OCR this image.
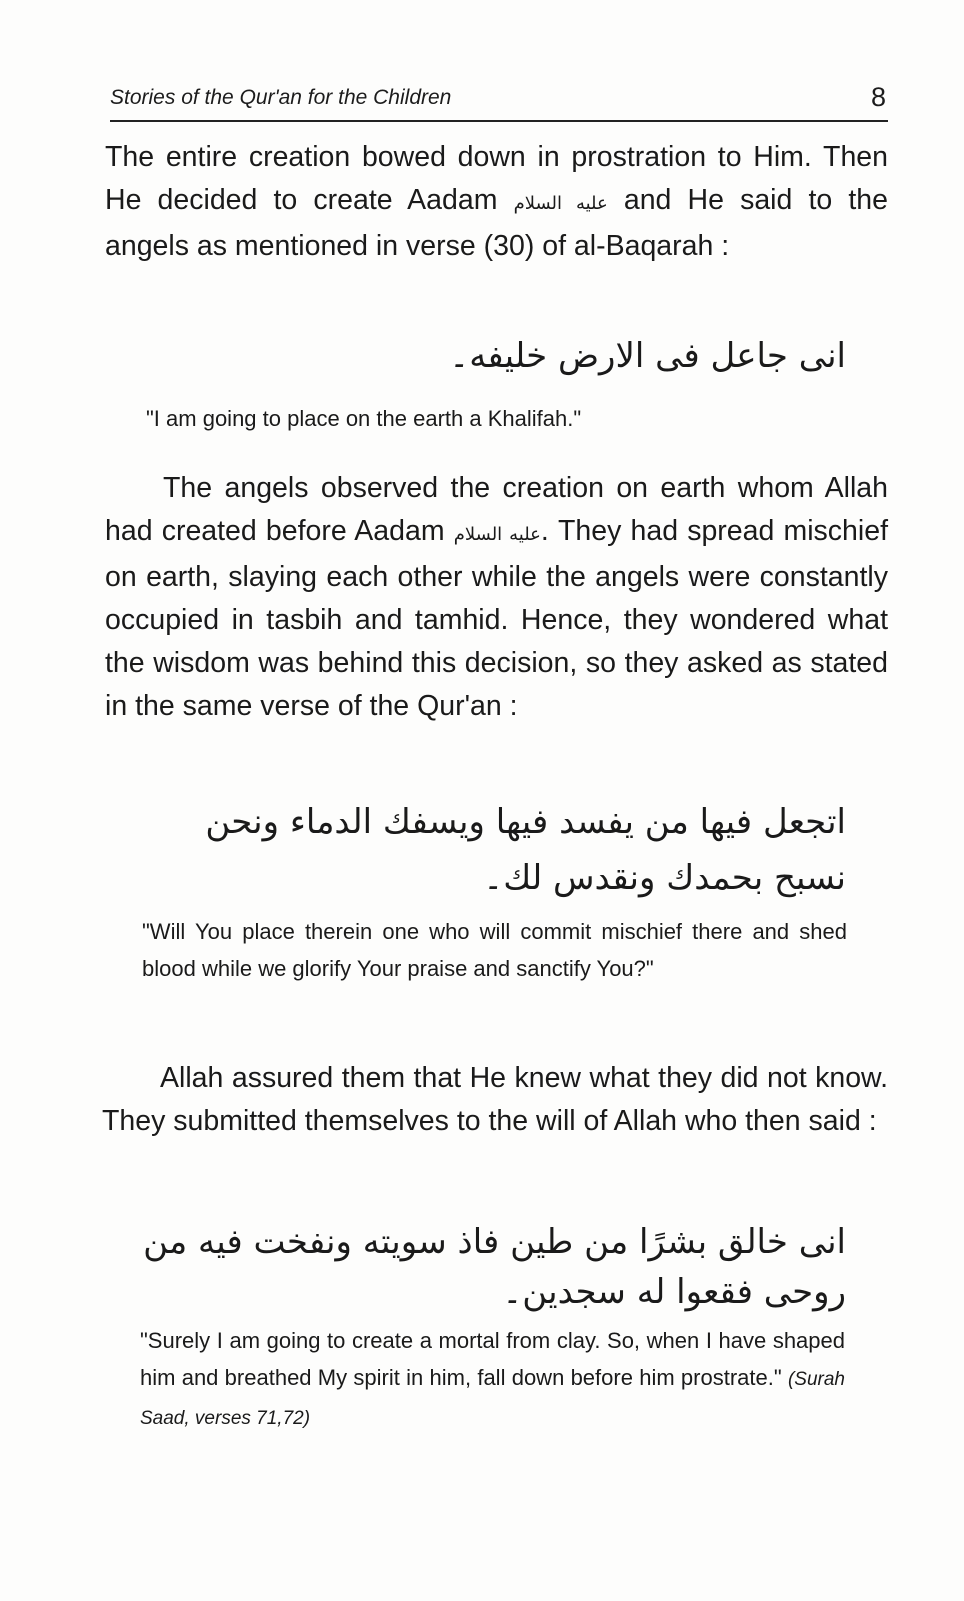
Stories of the Qur'an for the Children	8

The entire creation bowed down in prostration to Him. Then He decided to create Aadam عليه السلام and He said to the angels as mentioned in verse (30) of al-Baqarah :

انى جاعل فى الارض خليفه۔

"I am going to place on the earth a Khalifah."

The angels observed the creation on earth whom Allah had created before Aadam عليه السلام. They had spread mischief on earth, slaying each other while the angels were constantly occupied in tasbih and tamhid. Hence, they wondered what the wisdom was behind this decision, so they asked as stated in the same verse of the Qur'an :

اتجعل فيها من يفسد فيها ويسفك الدماء ونحن

نسبح بحمدك ونقدس لك۔

"Will You place therein one who will commit mischief there and shed blood while we glorify Your praise and sanctify You?"

Allah assured them that He knew what they did not know. They submitted themselves to the will of Allah who then said :

انى خالق بشرًا من طين فاذ سويته ونفخت فيه من

روحى فقعوا له سجدين۔

"Surely I am going to create a mortal from clay. So, when I have shaped him and breathed My spirit in him, fall down before him prostrate." (Surah Saad, verses 71,72)
